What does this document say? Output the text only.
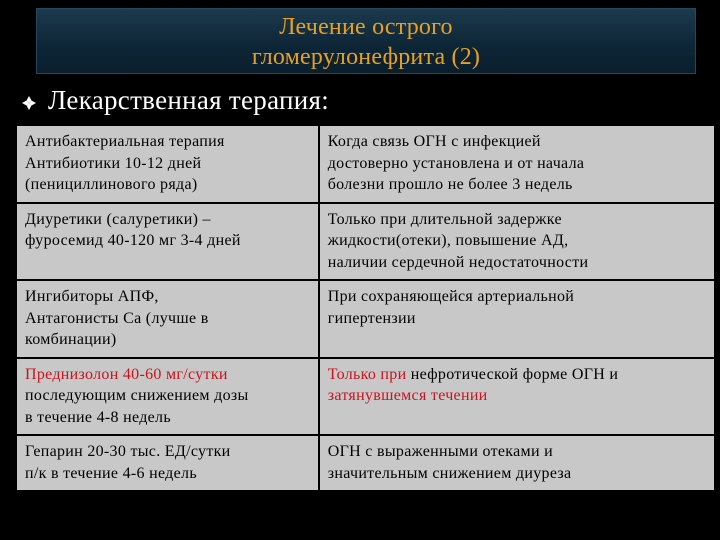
Лечение острого
гломерулонефрита (2)
Лекарственная терапия:
Антибактериальная терапия
Антибиотики 10-12 дней
(пенициллинового ряда)	Когда связь ОГН с инфекцией
достоверно установлена и от начала
болезни прошло не более 3 недель

Диуретики (салуретики) –
фуросемид 40-120 мг 3-4 дней	Только при длительной задержке
жидкости(отеки), повышение АД,
наличии сердечной недостаточности

Ингибиторы АПФ,
Антагонисты Са (лучше в
комбинации)	При сохраняющейся артериальной
гипертензии

Преднизолон 40-60 мг/сутки
последующим снижением дозы
в течение 4-8 недель	Только при нефротической форме ОГН и
затянувшемся течении

Гепарин 20-30 тыс. ЕД/сутки
п/к в течение 4-6 недель	ОГН с выраженными отеками и
значительным снижением диуреза
